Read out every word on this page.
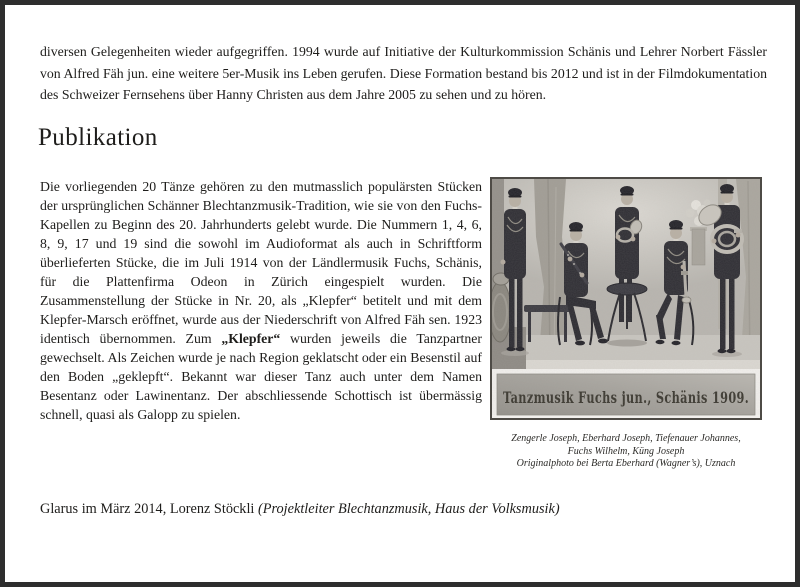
diversen Gelegenheiten wieder aufgegriffen. 1994 wurde auf Initiative der Kulturkommission Schänis und Lehrer Norbert Fässler von Alfred Fäh jun. eine weitere 5er-Musik ins Leben gerufen. Diese Formation bestand bis 2012 und ist in der Filmdokumentation des Schweizer Fernsehens über Hanny Christen aus dem Jahre 2005 zu sehen und zu hören.
Publikation
Die vorliegenden 20 Tänze gehören zu den mutmasslich populärsten Stücken der ursprünglichen Schänner Blechtanzmusik-Tradition, wie sie von den Fuchs-Kapellen zu Beginn des 20. Jahrhunderts gelebt wurde. Die Nummern 1, 4, 6, 8, 9, 17 und 19 sind die sowohl im Audioformat als auch in Schriftform überlieferten Stücke, die im Juli 1914 von der Ländlermusik Fuchs, Schänis, für die Plattenfirma Odeon in Zürich eingespielt wurden. Die Zusammenstellung der Stücke in Nr. 20, als „Klepfer“ betitelt und mit dem Klepfer-Marsch eröffnet, wurde aus der Niederschrift von Alfred Fäh sen. 1923 identisch übernommen. Zum „Klepfer“ wurden jeweils die Tanzpartner gewechselt. Als Zeichen wurde je nach Region geklatscht oder ein Besenstil auf den Boden „geklepft“. Bekannt war dieser Tanz auch unter dem Namen Besentanz oder Lawinentanz. Der abschliessende Schottisch ist übermässig schnell, quasi als Galopp zu spielen.
Zengerle Joseph, Eberhard Joseph, Tiefenauer Johannes,
Fuchs Wilhelm, Küng Joseph
Originalphoto bei Berta Eberhard (Wagner’s), Uznach
Glarus im März 2014, Lorenz Stöckli (Projektleiter Blechtanzmusik, Haus der Volksmusik)
